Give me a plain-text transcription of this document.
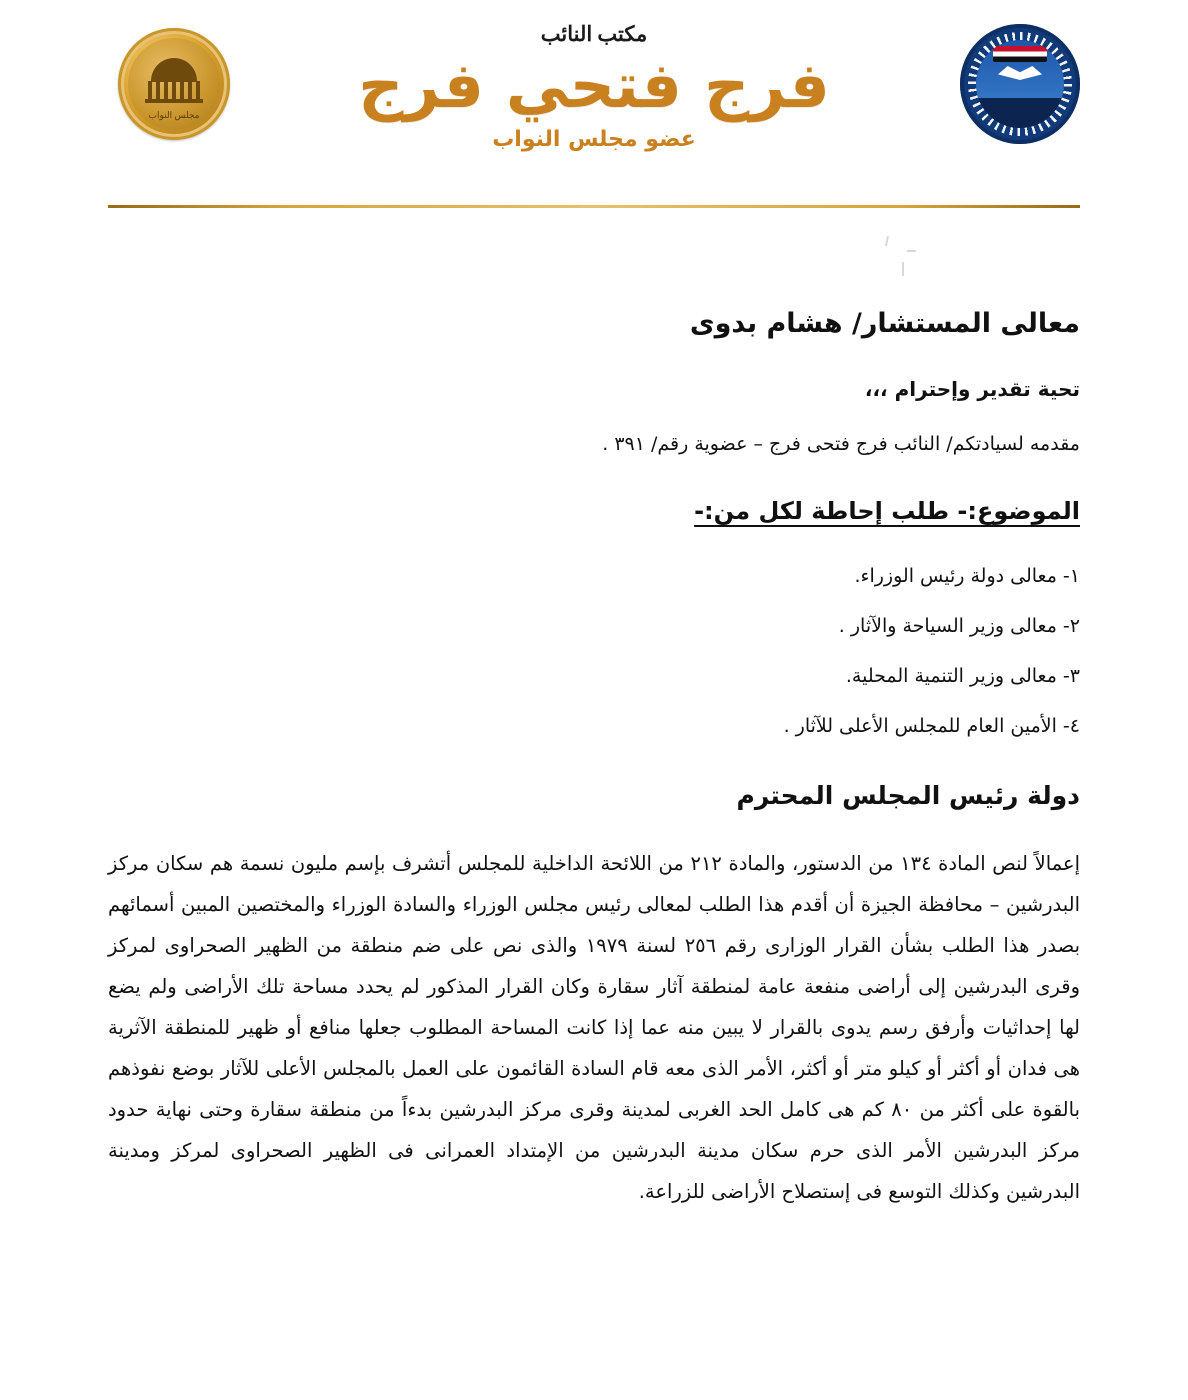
مجلس النواب
مكتب النائب
فرج فتحي فرج
عضو مجلس النواب
معالى المستشار/ هشام بدوى
تحية تقدير وإحترام ،،،
مقدمه لسيادتكم/ النائب فرج فتحى فرج – عضوية رقم/ ٣٩١ .
الموضوع:- طلب إحاطة لكل من:-
١- معالى دولة رئيس الوزراء.
٢- معالى وزير السياحة والآثار .
٣- معالى وزير التنمية المحلية.
٤- الأمين العام للمجلس الأعلى للآثار .
دولة رئيس المجلس المحترم

إعمالاً لنص المادة ١٣٤ من الدستور، والمادة ٢١٢ من اللائحة الداخلية للمجلس أتشرف بإسم مليون نسمة هم سكان مركز البدرشين – محافظة الجيزة أن أقدم هذا الطلب لمعالى رئيس مجلس الوزراء والسادة الوزراء والمختصين المبين أسمائهم بصدر هذا الطلب بشأن القرار الوزارى رقم ٢٥٦ لسنة ١٩٧٩ والذى نص على ضم منطقة من الظهير الصحراوى لمركز وقرى البدرشين إلى أراضى منفعة عامة لمنطقة آثار سقارة وكان القرار المذكور لم يحدد مساحة تلك الأراضى ولم يضع لها إحداثيات وأرفق رسم يدوى بالقرار لا يبين منه عما إذا كانت المساحة المطلوب جعلها منافع أو ظهير للمنطقة الآثرية هى فدان أو أكثر أو كيلو متر أو أكثر، الأمر الذى معه قام السادة القائمون على العمل بالمجلس الأعلى للآثار بوضع نفوذهم بالقوة على أكثر من ٨٠ كم هى كامل الحد الغربى لمدينة وقرى مركز البدرشين بدءاً من منطقة سقارة وحتى نهاية حدود مركز البدرشين الأمر الذى حرم سكان مدينة البدرشين من الإمتداد العمرانى فى الظهير الصحراوى لمركز ومدينة البدرشين وكذلك التوسع فى إستصلاح الأراضى للزراعة.
